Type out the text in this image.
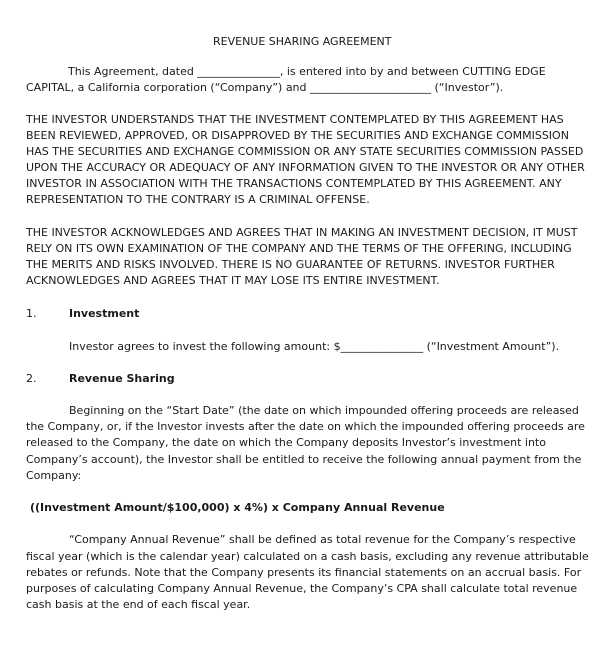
REVENUE SHARING AGREEMENT
This Agreement, dated _______________, is entered into by and between CUTTING EDGE
CAPITAL, a California corporation (“Company”) and ______________________ (“Investor”).
THE INVESTOR UNDERSTANDS THAT THE INVESTMENT CONTEMPLATED BY THIS AGREEMENT HAS
BEEN REVIEWED, APPROVED, OR DISAPPROVED BY THE SECURITIES AND EXCHANGE COMMISSION
HAS THE SECURITIES AND EXCHANGE COMMISSION OR ANY STATE SECURITIES COMMISSION PASSED
UPON THE ACCURACY OR ADEQUACY OF ANY INFORMATION GIVEN TO THE INVESTOR OR ANY OTHER
INVESTOR IN ASSOCIATION WITH THE TRANSACTIONS CONTEMPLATED BY THIS AGREEMENT. ANY
REPRESENTATION TO THE CONTRARY IS A CRIMINAL OFFENSE.
THE INVESTOR ACKNOWLEDGES AND AGREES THAT IN MAKING AN INVESTMENT DECISION, IT MUST
RELY ON ITS OWN EXAMINATION OF THE COMPANY AND THE TERMS OF THE OFFERING, INCLUDING
THE MERITS AND RISKS INVOLVED. THERE IS NO GUARANTEE OF RETURNS. INVESTOR FURTHER
ACKNOWLEDGES AND AGREES THAT IT MAY LOSE ITS ENTIRE INVESTMENT.
1.	Investment
Investor agrees to invest the following amount: $_______________ (“Investment Amount”).
2.	Revenue Sharing
Beginning on the “Start Date” (the date on which impounded offering proceeds are released
the Company, or, if the Investor invests after the date on which the impounded offering proceeds are
released to the Company, the date on which the Company deposits Investor’s investment into
Company’s account), the Investor shall be entitled to receive the following annual payment from the
Company:
((Investment Amount/$100,000) x 4%) x Company Annual Revenue
“Company Annual Revenue” shall be defined as total revenue for the Company’s respective
fiscal year (which is the calendar year) calculated on a cash basis, excluding any revenue attributable
rebates or refunds. Note that the Company presents its financial statements on an accrual basis. For
purposes of calculating Company Annual Revenue, the Company’s CPA shall calculate total revenue
cash basis at the end of each fiscal year.
